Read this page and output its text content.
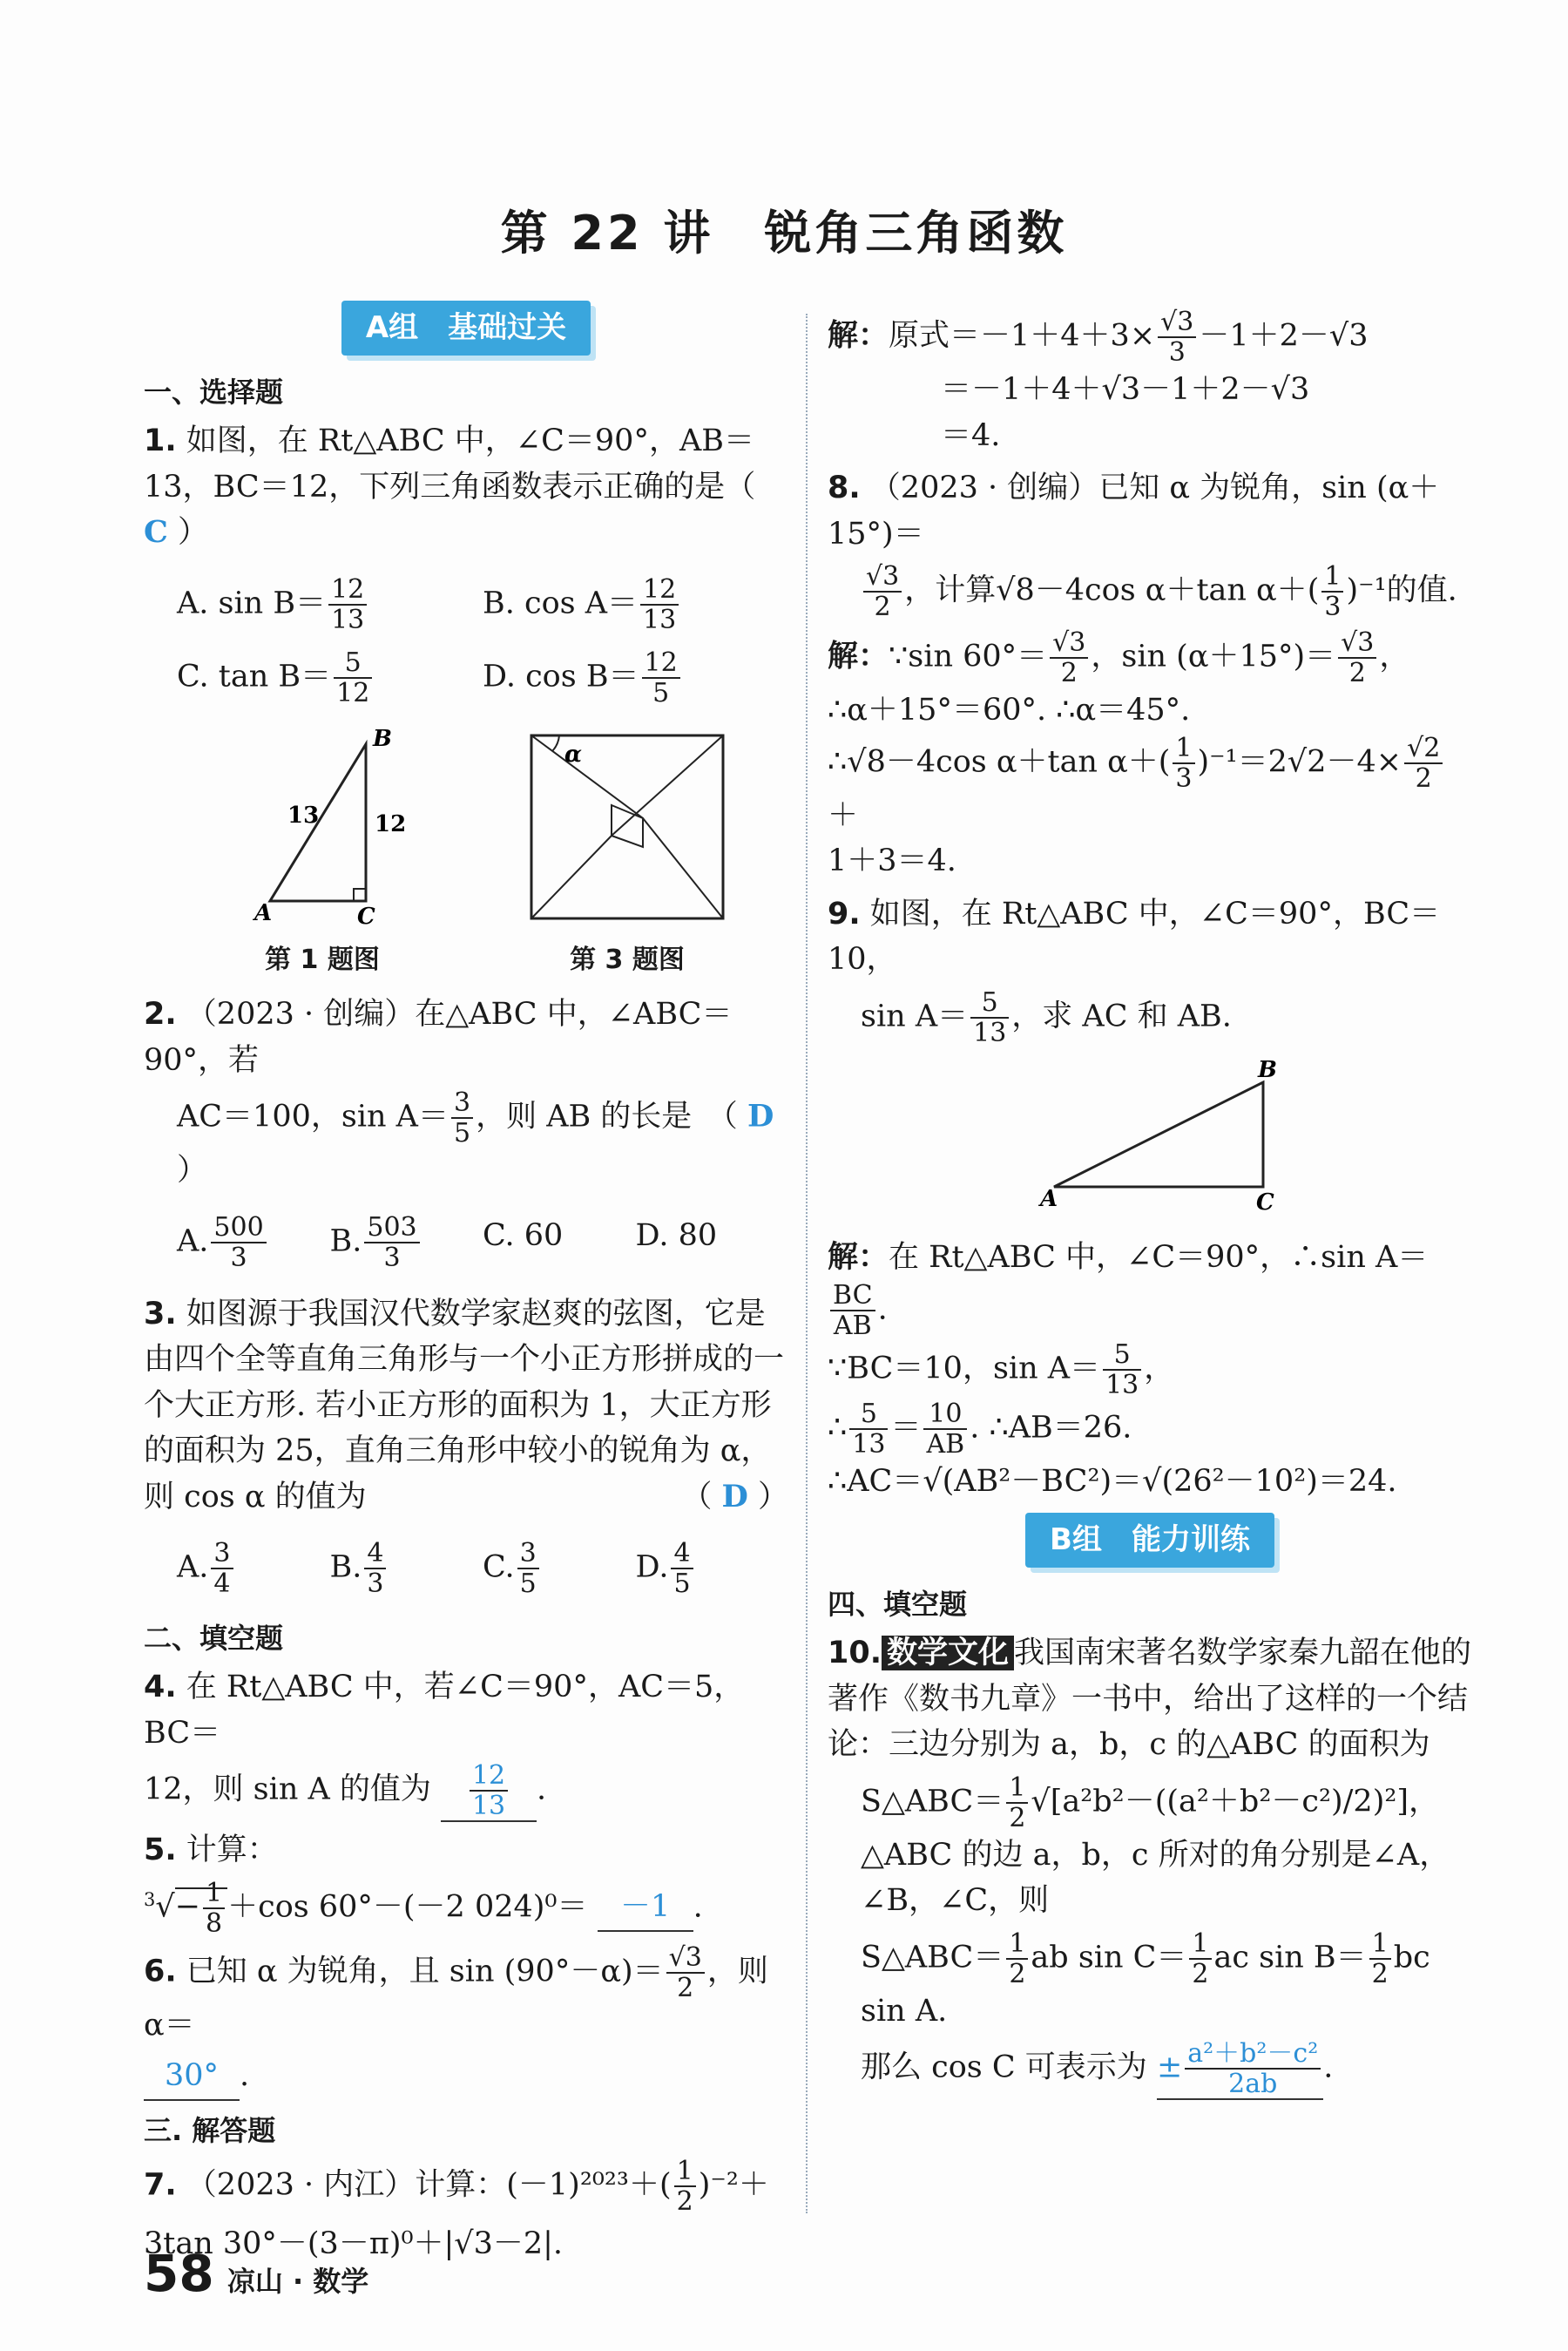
第 22 讲　锐角三角函数
A组　基础过关
一、选择题
1. 如图，在 Rt△ABC 中，∠C＝90°，AB＝13，BC＝12，下列三角函数表示正确的是（ C ）
A. $\sin B= \frac{12}{13}$	B. $\cos A= \frac{12}{13}$
C. $\tan B= \frac{5}{12}$	D. $\cos B= \frac{12}{5}$
B
A	C
13 12
第 1 题图
α
第 3 题图
2. （2023 · 创编）在△ABC 中，∠ABC＝90°，若
AC＝100，$\sin A= \frac{3}{5}$ ，则 AB 的长是　（ D ）
A. $\frac{500}{3} B$. $\frac{503}{3} C$. 60	D. 80
3. 如图源于我国汉代数学家赵爽的弦图，它是由四个全等直角三角形与一个小正方形拼成的一个大正方形. 若小正方形的面积为 1，大正方形的面积为 25，直角三角形中较小的锐角为 α，则 cos α 的值为	（ D ）
A. $\frac{3}{4}$	B. $\frac{4}{3}$	C. $\frac{3}{5}$	D. $\frac{4}{5}$
二、填空题
4. 在 Rt△ABC 中，若∠C＝90°，AC＝5，BC＝
12，则 sin A 的值为 $\frac{12}{13}$ .
5. 计算：
$^3√- \frac{1}{8} +\cos$ 60°－(－2 024)⁰＝ －1 .
6. 已知 α 为锐角，且 $\sin (90^\circ-\alpha)= \frac{√3}{2}$ ，则 α＝
30° .
三. 解答题
7. （2023 · 内江）计算：$(-1)^{2023}+( \frac{1}{2} )^{-2}+$
3tan 30°－(3－π)⁰＋|√3－2|.
解：原式$=-1+4+3\times \frac{√3}{3} -1+2-√3$
＝－1＋4＋√3－1＋2－√3
＝4.
8. （2023 · 创编）已知 α 为锐角，sin (α＋15°)＝
$\frac{√3}{2}$ ，计算√8－4cos α＋tan $\alpha+( \frac{1}{3} )^{-1}$的值.
解：∵sin $60^\circ= \frac{√3}{2}$ ，$\sin (\alpha+15^\circ)= \frac{√3}{2}$ ，
∴α＋15°＝60°. ∴α＝45°.
∴√8－4cos α＋tan $\alpha+( \frac{1}{3} )^{-1}=2√2-4\times \frac{√2}{2}$
＋
1＋3＝4.
9. 如图，在 Rt△ABC 中，∠C＝90°，BC＝10，
$\sin A= \frac{5}{13}$ ，求 AC 和 AB.
B
A	C
解：在 Rt△ABC 中，∠C＝90°，∴sin A＝
$\frac{BC}{AB}$ .
∵BC＝10，$\sin A= \frac{5}{13}$ ，
∴ $\frac{5}{13} = \frac{10}{AB}$ . ∴AB＝26.
∴AC＝√(AB²－BC²)＝√(26²－10²)＝24.
B组　能力训练
四、填空题
10. 数学文化 我国南宋著名数学家秦九韶在他的著作《数书九章》一书中，给出了这样的一个结论：三边分别为 a，b，c 的△ABC 的面积为
S△ABC＝ $\frac{1}{2} √[a^2b^2-((a^2+b^2-c^2)/2)^2]$，△ABC 的边 a，b，c 所对的角分别是∠A，∠B，∠C，则
S△ABC＝ $\frac{1}{2}$ ab $\sin C= \frac{1}{2}$ ac $\sin B= \frac{1}{2}$ bc sin A.
那么 cos C 可表示为 ± $\frac{\text{a²＋b²－c²}}{2ab}$ .
58 凉山 · 数学
